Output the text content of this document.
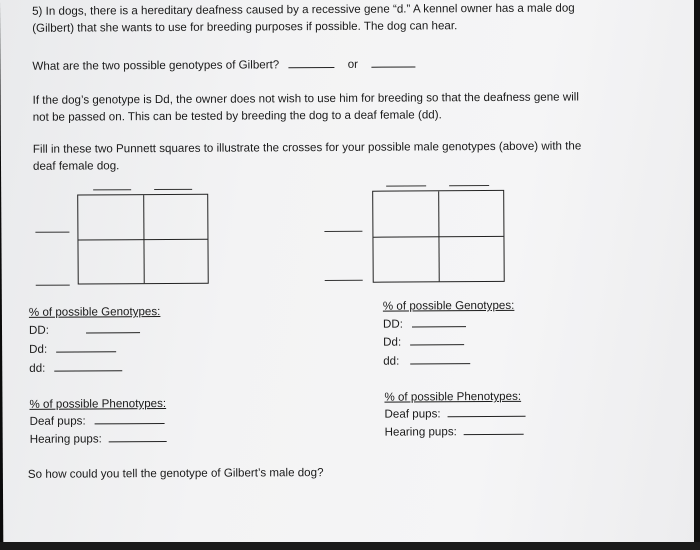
5) In dogs, there is a hereditary deafness caused by a recessive gene “d.” A kennel owner has a male dog
(Gilbert) that she wants to use for breeding purposes if possible. The dog can hear.
What are the two possible genotypes of Gilbert?	or
If the dog’s genotype is Dd, the owner does not wish to use him for breeding so that the deafness gene will
not be passed on. This can be tested by breeding the dog to a deaf female (dd).
Fill in these two Punnett squares to illustrate the crosses for your possible male genotypes (above) with the
deaf female dog.
% of possible Genotypes:
DD:
Dd:
dd:
% of possible Genotypes:
DD:
Dd:
dd:
% of possible Phenotypes:
Deaf pups:
Hearing pups:
% of possible Phenotypes:
Deaf pups:
Hearing pups:
So how could you tell the genotype of Gilbert’s male dog?
